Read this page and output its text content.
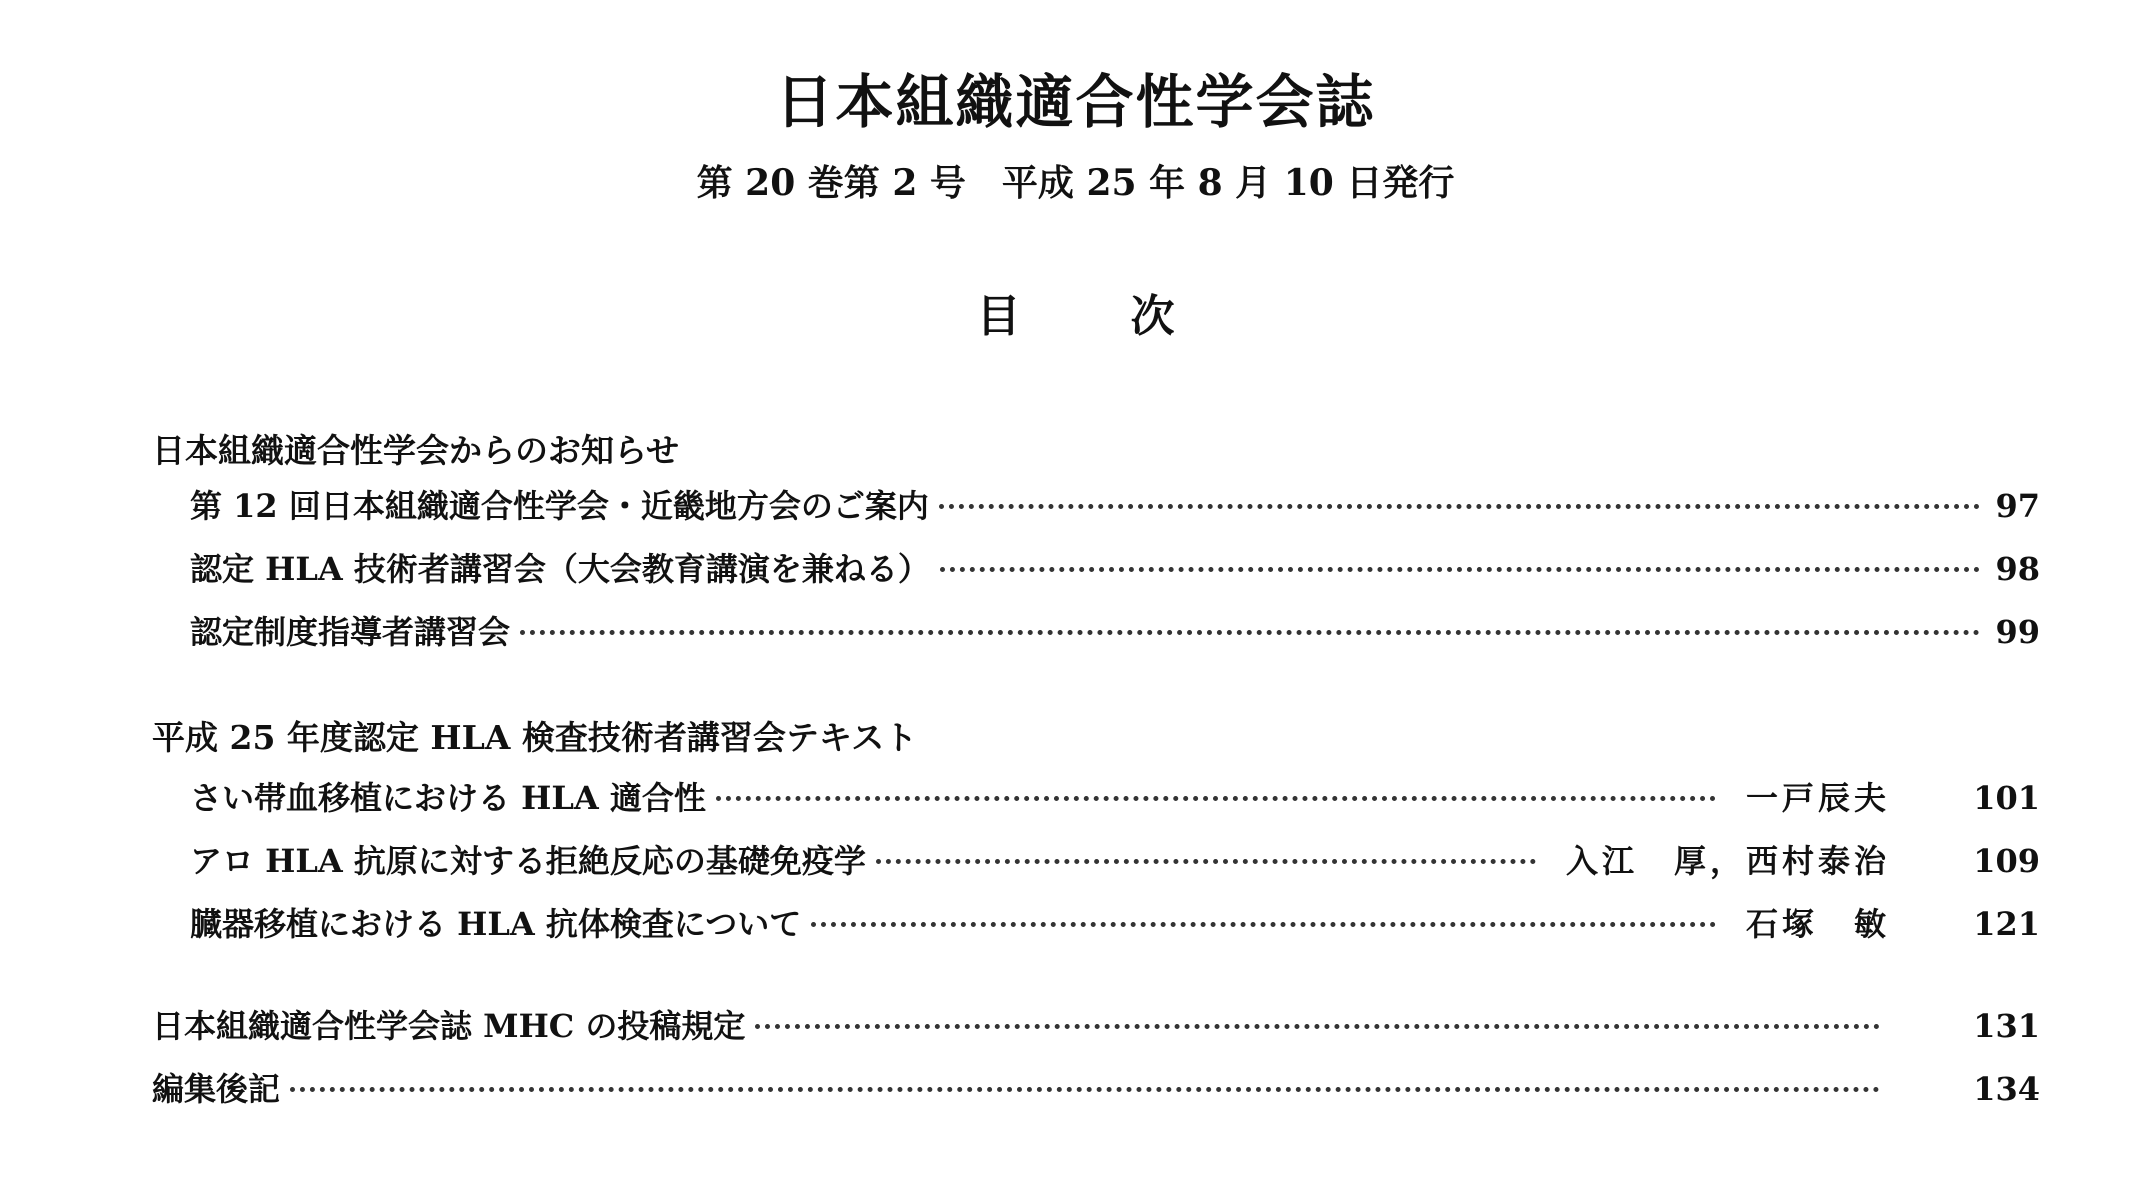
日本組織適合性学会誌
第 20 巻第 2 号　平成 25 年 8 月 10 日発行
目	次
日本組織適合性学会からのお知らせ
第 12 回日本組織適合性学会・近畿地方会のご案内	97
認定 HLA 技術者講習会（大会教育講演を兼ねる）	98
認定制度指導者講習会	99
平成 25 年度認定 HLA 検査技術者講習会テキスト
さい帯血移植における HLA 適合性	一戸辰夫	101
アロ HLA 抗原に対する拒絶反応の基礎免疫学	入江　厚，西村泰治	109
臓器移植における HLA 抗体検査について	石塚　敏	121
日本組織適合性学会誌 MHC の投稿規定	131
編集後記	134
